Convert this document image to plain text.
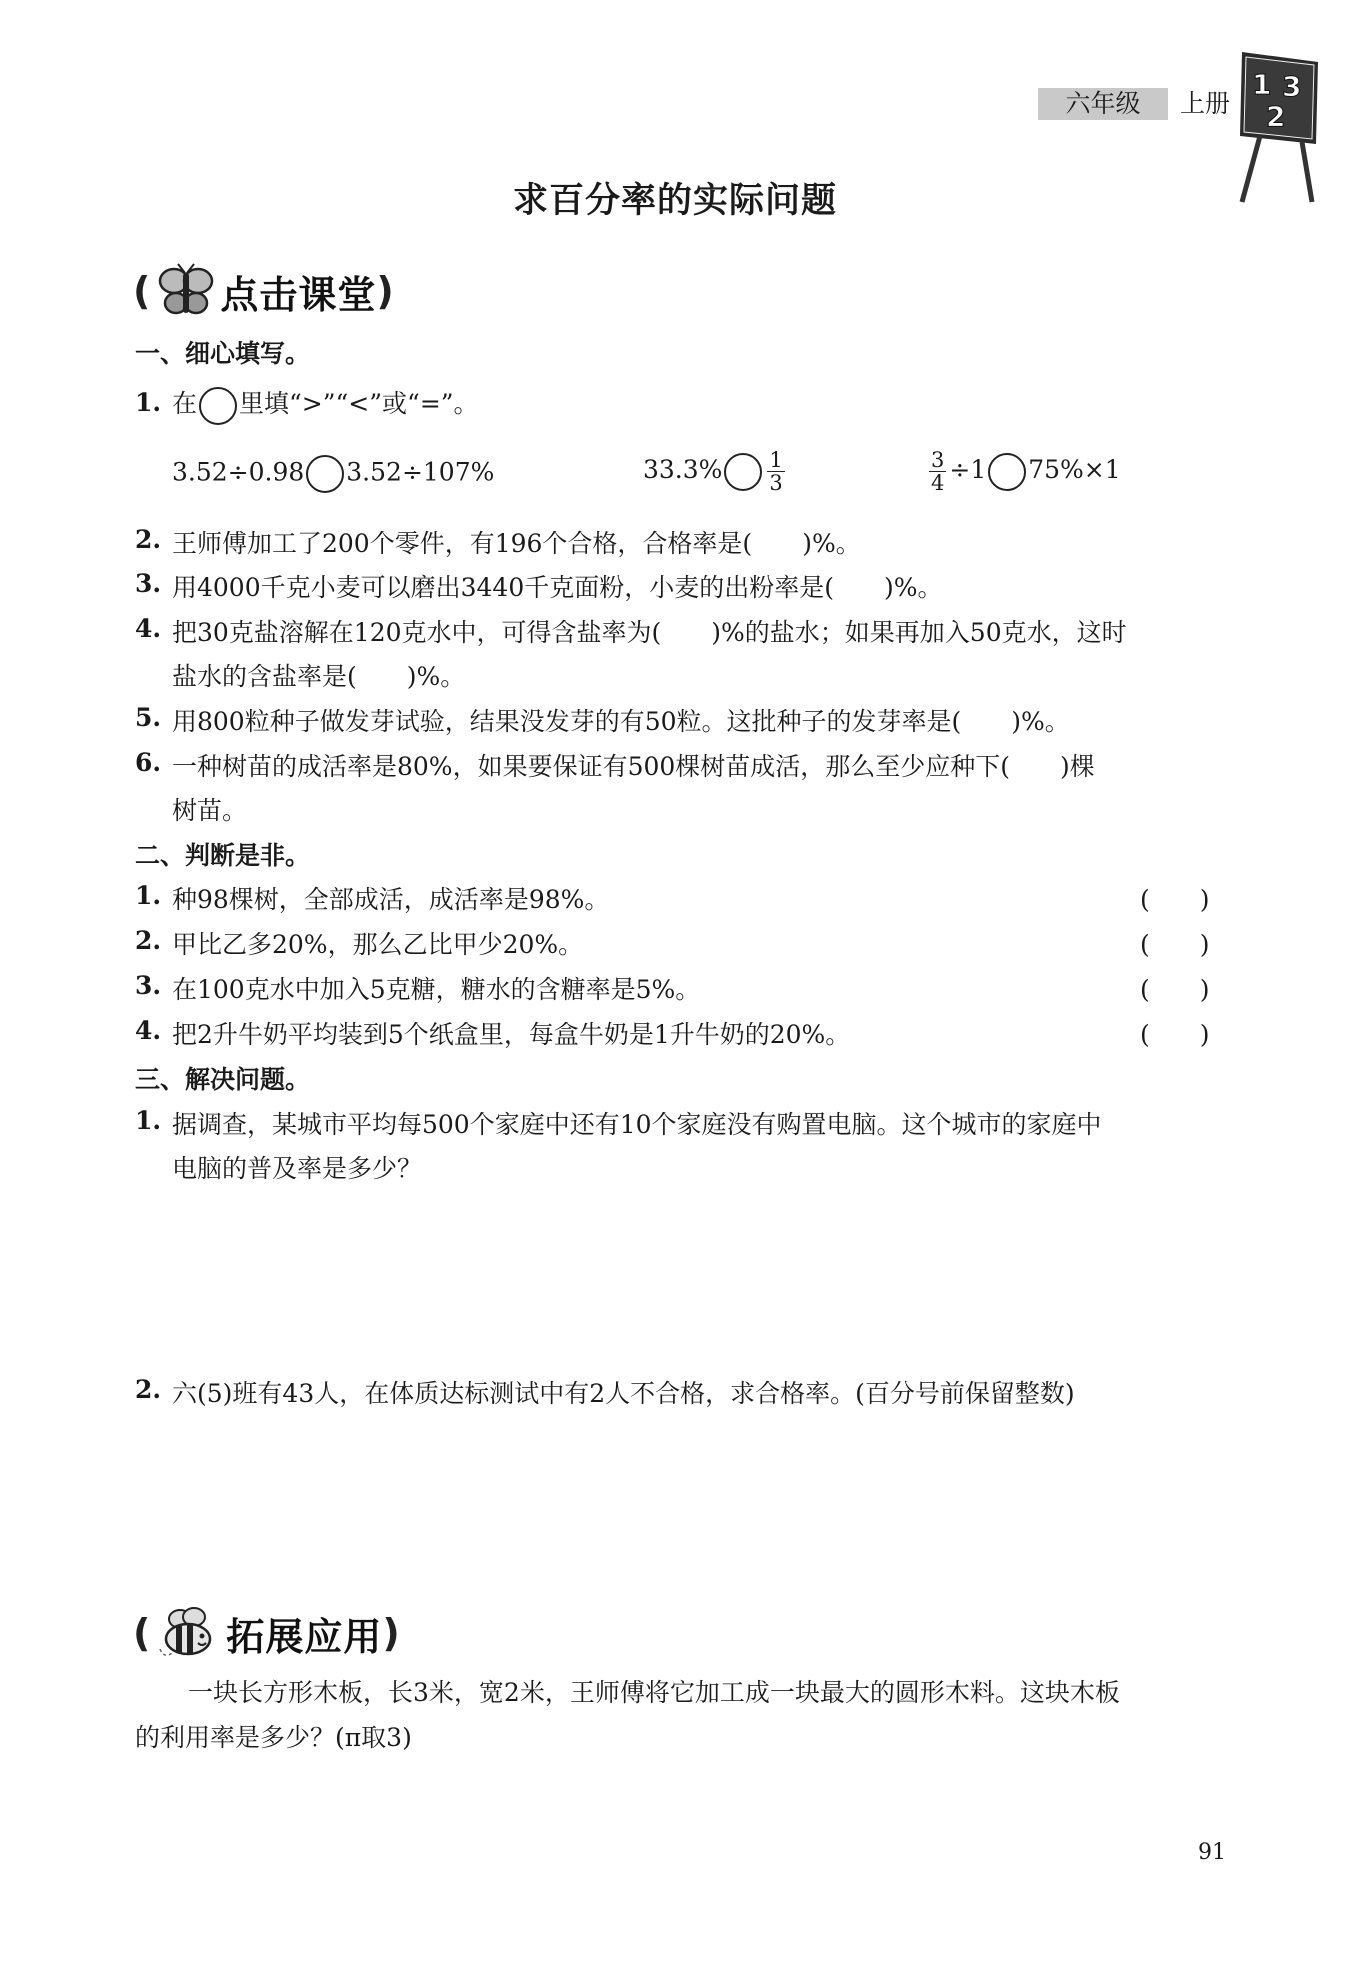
六年级	上册
1 3
2
求百分率的实际问题
( 点击课堂 )
一、细心填写。
1. 在 里填“>”“<”或“=”。
3.52÷0.98 3.52÷107%	$33.3\% \frac{1}{3}$	$\frac{3}{4} \div 1$ 75%×1
2. 王师傅加工了200个零件，有196个合格，合格率是(　　)%。
3. 用4000千克小麦可以磨出3440千克面粉，小麦的出粉率是(　　)%。
4. 把30克盐溶解在120克水中，可得含盐率为(　　)%的盐水；如果再加入50克水，这时
盐水的含盐率是(　　)%。
5. 用800粒种子做发芽试验，结果没发芽的有50粒。这批种子的发芽率是(　　)%。
6. 一种树苗的成活率是80%，如果要保证有500棵树苗成活，那么至少应种下(　　)棵
树苗。
二、判断是非。
1. 种98棵树，全部成活，成活率是98%。	(　　)
2. 甲比乙多20%，那么乙比甲少20%。	(　　)
3. 在100克水中加入5克糖，糖水的含糖率是5%。	(　　)
4. 把2升牛奶平均装到5个纸盒里，每盒牛奶是1升牛奶的20%。	(　　)
三、解决问题。
1. 据调查，某城市平均每500个家庭中还有10个家庭没有购置电脑。这个城市的家庭中
电脑的普及率是多少？
2. 六(5)班有43人，在体质达标测试中有2人不合格，求合格率。(百分号前保留整数)
( 拓展应用 )
一块长方形木板，长3米，宽2米，王师傅将它加工成一块最大的圆形木料。这块木板
的利用率是多少？(π取3)
91
